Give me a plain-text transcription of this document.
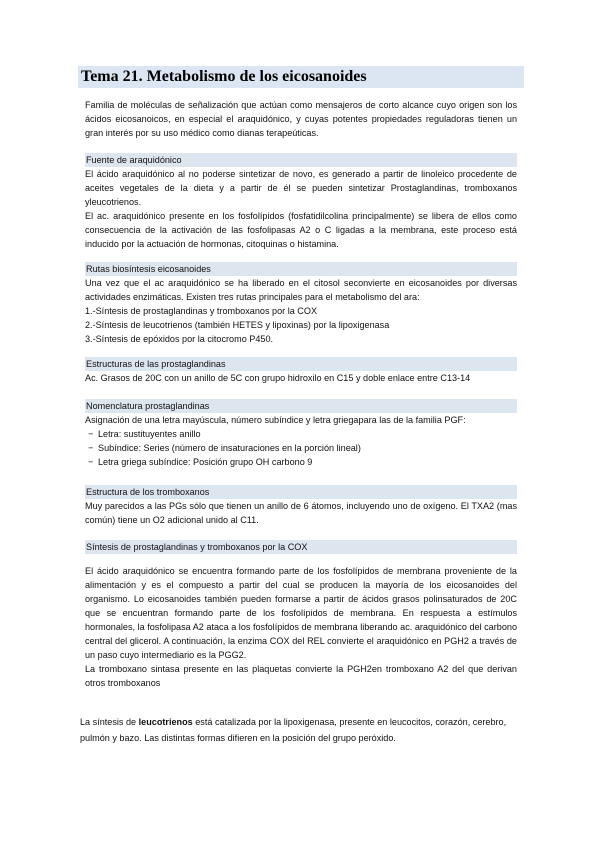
Tema 21. Metabolismo de los eicosanoides

Familia de moléculas de señalización que actúan como mensajeros de corto alcance cuyo origen son los ácidos eicosanoicos, en especial el araquidónico, y cuyas potentes propiedades reguladoras tienen un gran interés por su uso médico como dianas terapeúticas.

Fuente de araquidónico

El ácido araquidónico al no poderse sintetizar de novo, es generado a partir de linoleico procedente de aceites vegetales de la dieta y a partir de él se pueden sintetizar Prostaglandinas, tromboxanos yleucotrienos.

El ac. araquidónico presente en los fosfolípidos (fosfatidilcolina principalmente) se libera de ellos como consecuencia de la activación de las fosfolipasas A2 o C ligadas a la membrana, este proceso está inducido por la actuación de hormonas, citoquinas o histamina.

Rutas biosíntesis eicosanoides

Una vez que el ac araquidónico se ha liberado en el citosol seconvierte en eicosanoides por diversas actividades enzimáticas. Existen tres rutas principales para el metabolismo del ara:

1.-Síntesis de prostaglandinas y tromboxanos por la COX

2.-Síntesis de leucotrienos (también HETES y lipoxinas) por la lipoxigenasa

3.-Síntesis de epóxidos por la citocromo P450.

Estructuras de las prostaglandinas

Ac. Grasos de 20C con un anillo de 5C con grupo hidroxilo en C15 y doble enlace entre C13-14

Nomenclatura prostaglandinas

Asignación de una letra mayúscula, número subíndice y letra griegapara las de la familia PGF:

− Letra: sustituyentes anillo

− Subíndice: Series (número de insaturaciones en la porción lineal)

− Letra griega subíndice: Posición grupo OH carbono 9

Estructura de los tromboxanos

Muy parecidos a las PGs sólo que tienen un anillo de 6 átomos, incluyendo uno de oxígeno. El TXA2 (mas común) tiene un O2 adicional unido al C11.

Síntesis de prostaglandinas y tromboxanos por la COX

El ácido araquidónico se encuentra formando parte de los fosfolípidos de membrana proveniente de la alimentación y es el compuesto a partir del cual se producen la mayoría de los eicosanoides del organismo. Lo eicosanoides también pueden formarse a partir de ácidos grasos polinsaturados de 20C que se encuentran formando parte de los fosfolípidos de membrana. En respuesta a estímulos hormonales, la fosfolipasa A2 ataca a los fosfolípidos de membrana liberando ac. araquidónico del carbono central del glicerol. A continuación, la enzima COX del REL convierte el araquidónico en PGH2 a través de un paso cuyo intermediario es la PGG2.

La tromboxano sintasa presente en las plaquetas convierte la PGH2en tromboxano A2 del que derivan otros tromboxanos

La síntesis de leucotrienos está catalizada por la lipoxigenasa, presente en leucocitos, corazón, cerebro, pulmón y bazo. Las distintas formas difieren en la posición del grupo peróxido.
